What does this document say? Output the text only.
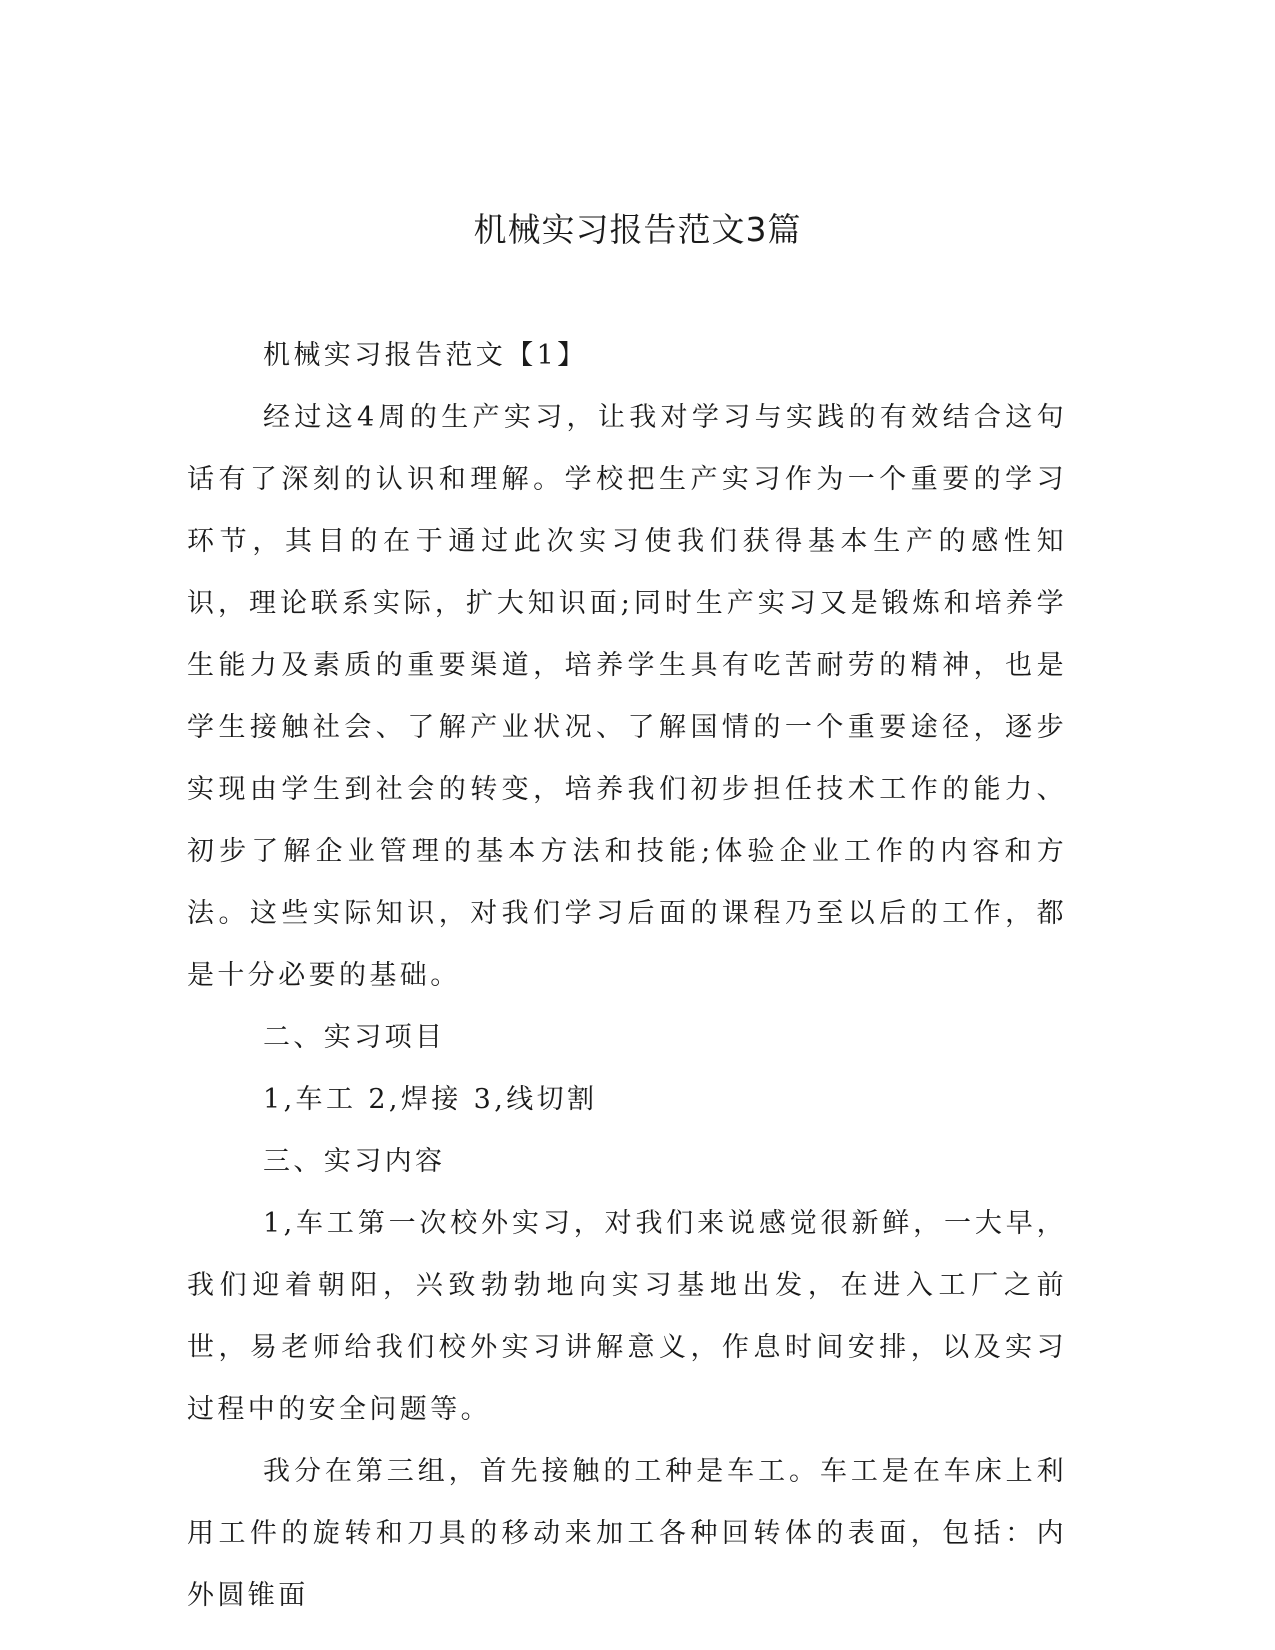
机械实习报告范文3篇

机械实习报告范文【1】

经过这4周的生产实习，让我对学习与实践的有效结合这句话有了深刻的认识和理解。学校把生产实习作为一个重要的学习环节，其目的在于通过此次实习使我们获得基本生产的感性知识，理论联系实际，扩大知识面;同时生产实习又是锻炼和培养学生能力及素质的重要渠道，培养学生具有吃苦耐劳的精神，也是学生接触社会、了解产业状况、了解国情的一个重要途径，逐步实现由学生到社会的转变，培养我们初步担任技术工作的能力、初步了解企业管理的基本方法和技能;体验企业工作的内容和方法。这些实际知识，对我们学习后面的课程乃至以后的工作，都是十分必要的基础。

二、实习项目

1,车工 2,焊接 3,线切割

三、实习内容

1,车工第一次校外实习，对我们来说感觉很新鲜，一大早，我们迎着朝阳，兴致勃勃地向实习基地出发，在进入工厂之前世，易老师给我们校外实习讲解意义，作息时间安排，以及实习过程中的安全问题等。

我分在第三组，首先接触的工种是车工。车工是在车床上利用工件的旋转和刀具的移动来加工各种回转体的表面，包括：内外圆锥面
